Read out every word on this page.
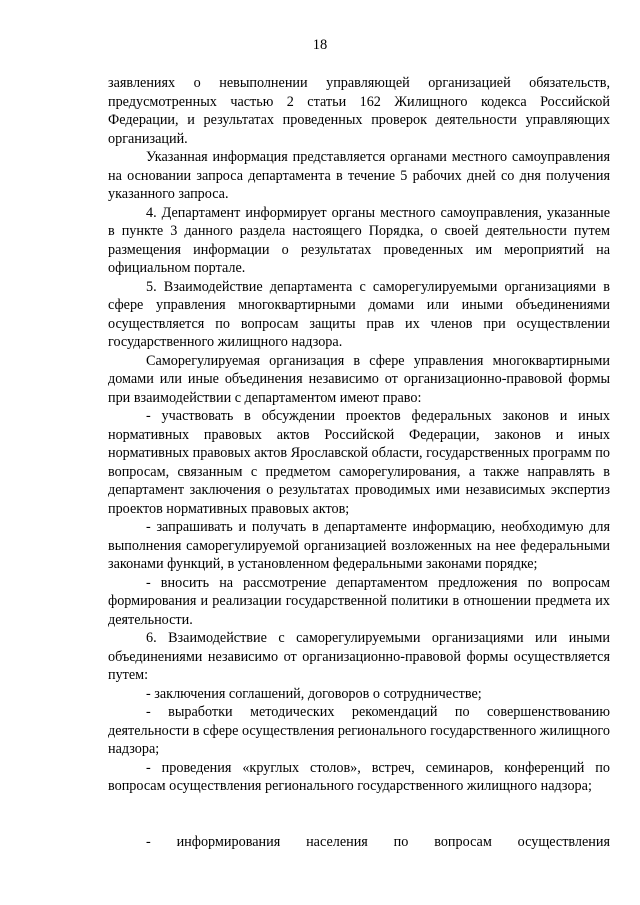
18

заявлениях о невыполнении управляющей организацией обязательств, предусмотренных частью 2 статьи 162 Жилищного кодекса Российской Федерации, и результатах проведенных проверок деятельности управляющих организаций.

Указанная информация представляется органами местного самоуправления на основании запроса департамента в течение 5 рабочих дней со дня получения указанного запроса.

4. Департамент информирует органы местного самоуправления, указанные в пункте 3 данного раздела настоящего Порядка, о своей деятельности путем размещения информации о результатах проведенных им мероприятий на официальном портале.

5. Взаимодействие департамента с саморегулируемыми организациями в сфере управления многоквартирными домами или иными объединениями осуществляется по вопросам защиты прав их членов при осуществлении государственного жилищного надзора.

Саморегулируемая организация в сфере управления многоквартирными домами или иные объединения независимо от организационно-правовой формы при взаимодействии с департаментом имеют право:

- участвовать в обсуждении проектов федеральных законов и иных нормативных правовых актов Российской Федерации, законов и иных нормативных правовых актов Ярославской области, государственных программ по вопросам, связанным с предметом саморегулирования, а также направлять в департамент заключения о результатах проводимых ими независимых экспертиз проектов нормативных правовых актов;

- запрашивать и получать в департаменте информацию, необходимую для выполнения саморегулируемой организацией возложенных на нее федеральными законами функций, в установленном федеральными законами порядке;

- вносить на рассмотрение департаментом предложения по вопросам формирования и реализации государственной политики в отношении предмета их деятельности.

6. Взаимодействие с саморегулируемыми организациями или иными объединениями независимо от организационно-правовой формы осуществляется путем:

- заключения соглашений, договоров о сотрудничестве;

- выработки методических рекомендаций по совершенствованию деятельности в сфере осуществления регионального государственного жилищного надзора;

- проведения «круглых столов», встреч, семинаров, конференций по вопросам осуществления регионального государственного жилищного надзора;

- информирования населения по вопросам осуществления
